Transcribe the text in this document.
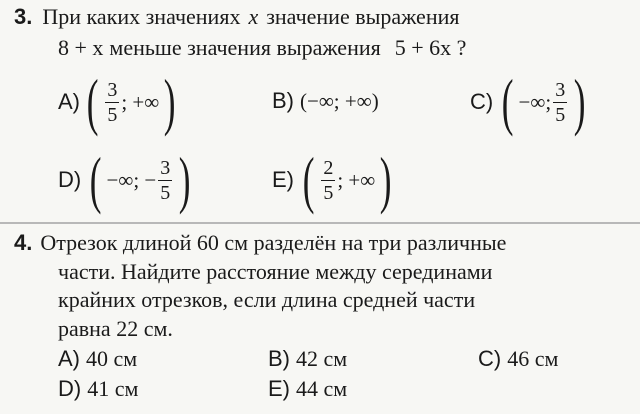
3. При каких значениях x значение выражения
8 + x меньше значения выражения 5 + 6x ?
A) ( $\frac{3}{5}$ ; +∞ )	B) (−∞; +∞)	C) ( −∞; $\frac{3}{5}$ )
D) ( −∞; − $\frac{3}{5}$ )	E) ( $\frac{2}{5}$ ; +∞ )
4. Отрезок длиной 60 см разделён на три различные
части. Найдите расстояние между серединами
крайних отрезков, если длина средней части
равна 22 см.
A) 40 см	B) 42 см	C) 46 см
D) 41 см	E) 44 см
